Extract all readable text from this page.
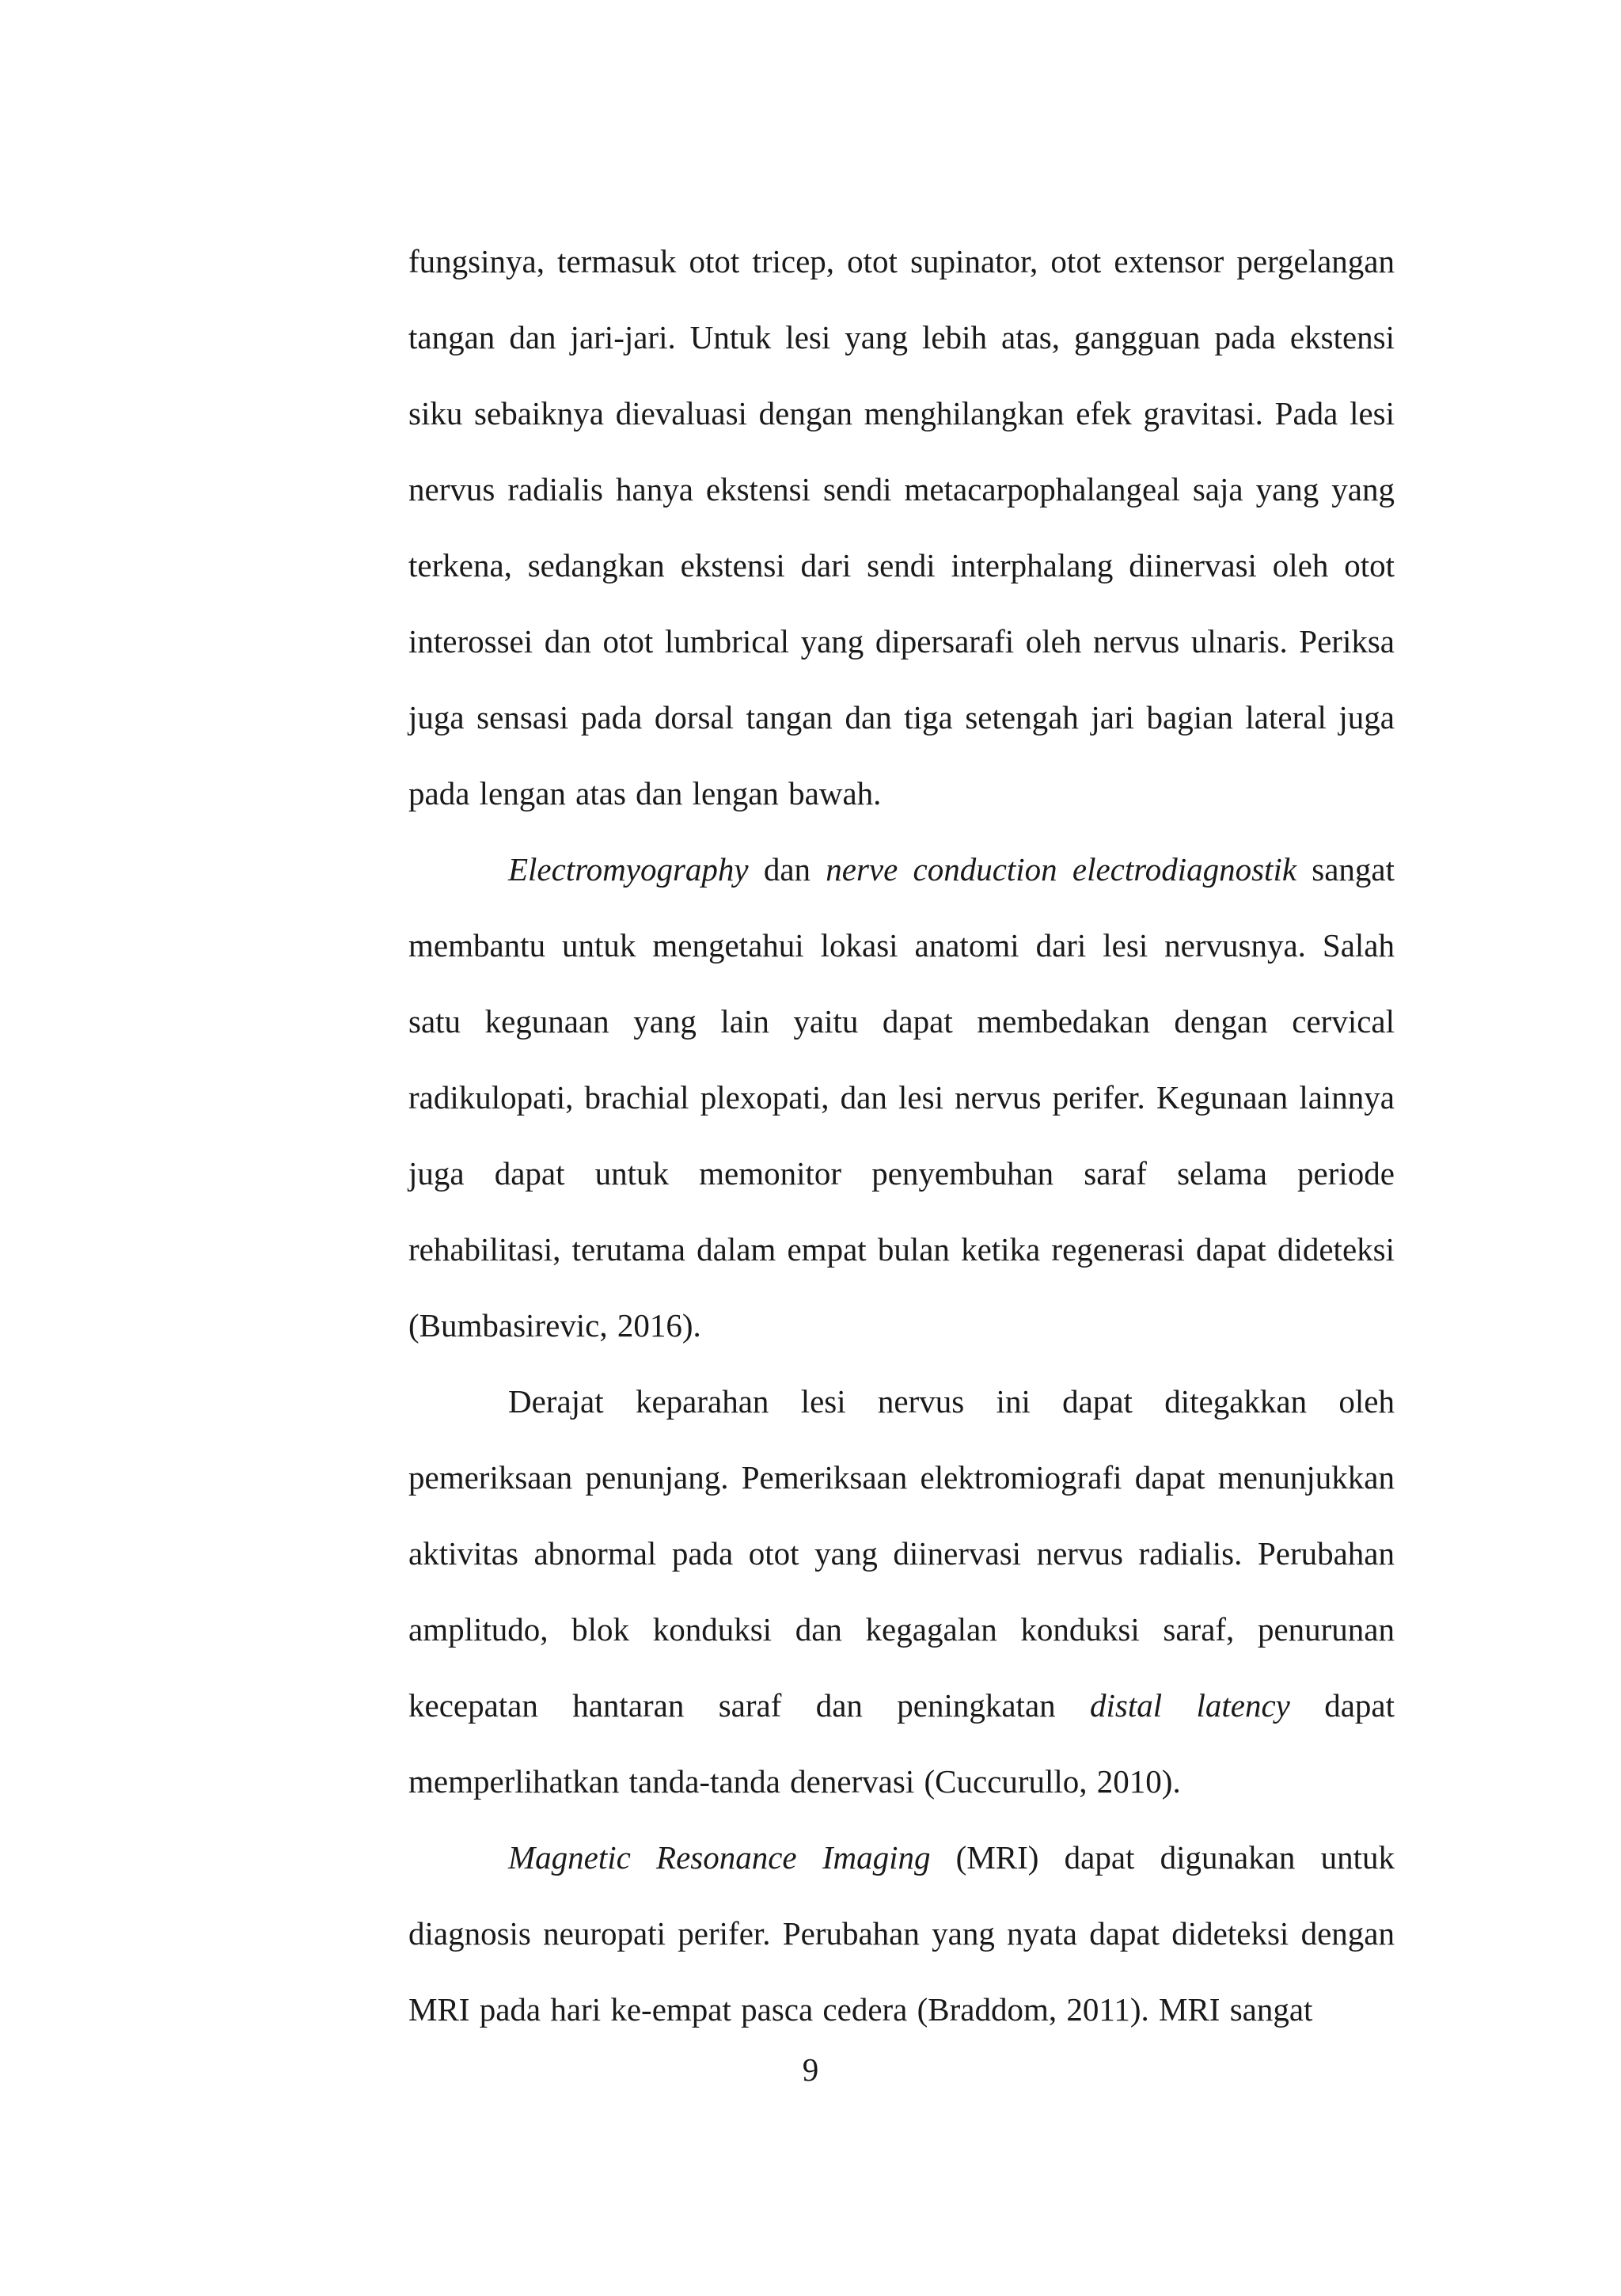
fungsinya, termasuk otot tricep, otot supinator, otot extensor pergelangan tangan dan jari-jari. Untuk lesi yang lebih atas, gangguan pada ekstensi siku sebaiknya dievaluasi dengan menghilangkan efek gravitasi. Pada lesi nervus radialis hanya ekstensi sendi metacarpophalangeal saja yang yang terkena, sedangkan ekstensi dari sendi interphalang diinervasi oleh otot interossei dan otot lumbrical yang dipersarafi oleh nervus ulnaris. Periksa juga sensasi pada dorsal tangan dan tiga setengah jari bagian lateral juga pada lengan atas dan lengan bawah.

Electromyography dan nerve conduction electrodiagnostik sangat membantu untuk mengetahui lokasi anatomi dari lesi nervusnya. Salah satu kegunaan yang lain yaitu dapat membedakan dengan cervical radikulopati, brachial plexopati, dan lesi nervus perifer. Kegunaan lainnya juga dapat untuk memonitor penyembuhan saraf selama periode rehabilitasi, terutama dalam empat bulan ketika regenerasi dapat dideteksi (Bumbasirevic, 2016).

Derajat keparahan lesi nervus ini dapat ditegakkan oleh pemeriksaan penunjang. Pemeriksaan elektromiografi dapat menunjukkan aktivitas abnormal pada otot yang diinervasi nervus radialis. Perubahan amplitudo, blok konduksi dan kegagalan konduksi saraf, penurunan kecepatan hantaran saraf dan peningkatan distal latency dapat memperlihatkan tanda-tanda denervasi (Cuccurullo, 2010).

Magnetic Resonance Imaging (MRI) dapat digunakan untuk diagnosis neuropati perifer. Perubahan yang nyata dapat dideteksi dengan MRI pada hari ke-empat pasca cedera (Braddom, 2011). MRI sangat

9
